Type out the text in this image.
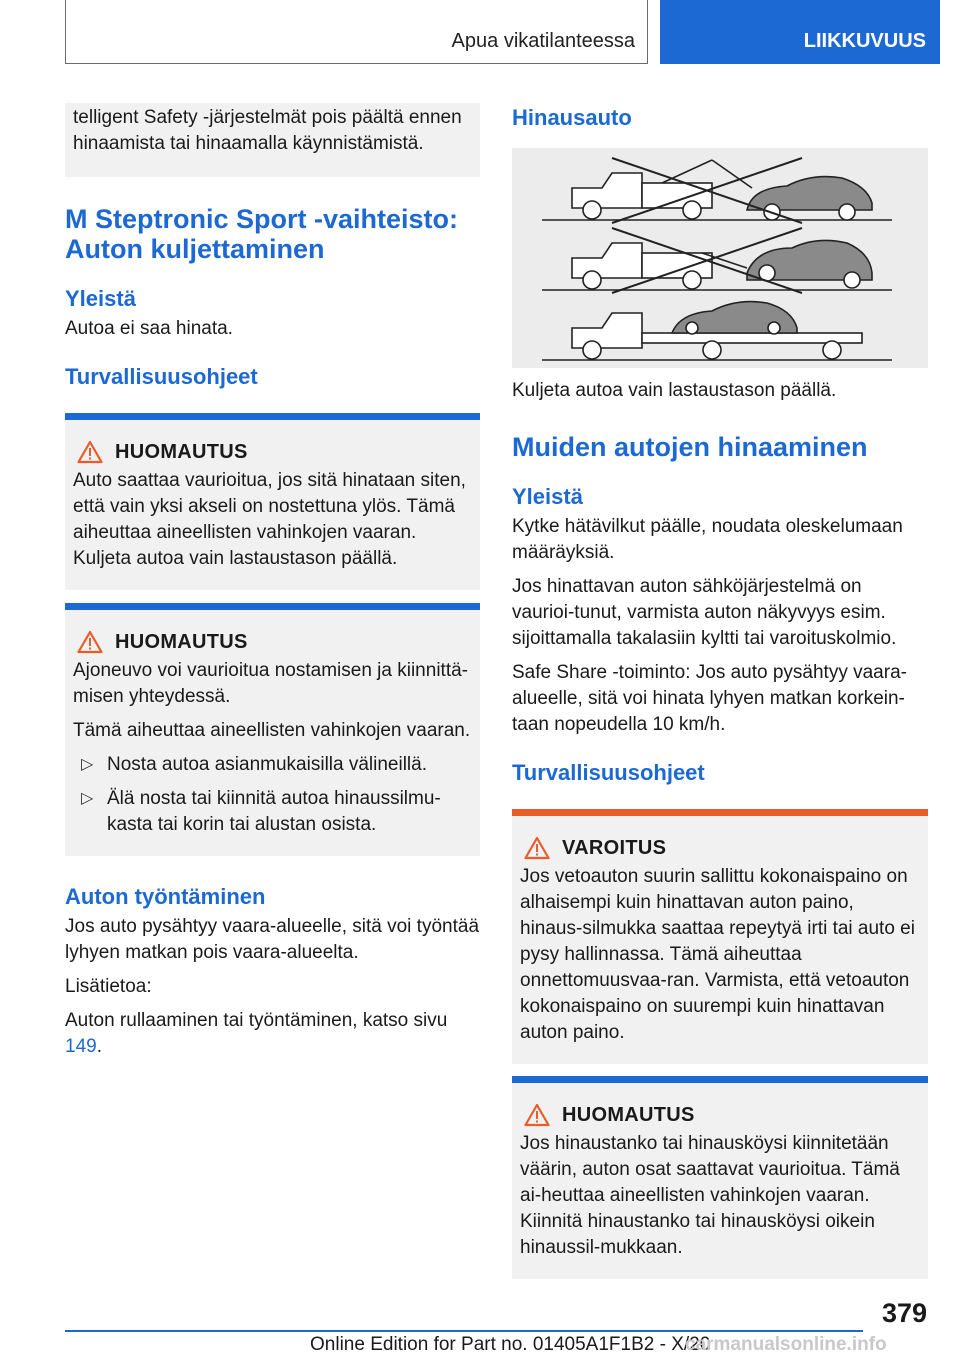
Apua vikatilanteessa	LIIKKUVUUS

telligent Safety -järjestelmät pois päältä ennen hinaamista tai hinaamalla käynnistämistä.

M Steptronic Sport -vaihteisto: Auton kuljettaminen
Yleistä

Autoa ei saa hinata.

Turvallisuusohjeet
HUOMAUTUS

Auto saattaa vaurioitua, jos sitä hinataan siten, että vain yksi akseli on nostettuna ylös. Tämä aiheuttaa aineellisten vahinkojen vaaran. Kuljeta autoa vain lastaustason päällä.

HUOMAUTUS

Ajoneuvo voi vaurioitua nostamisen ja kiinnittä-misen yhteydessä.

Tämä aiheuttaa aineellisten vahinkojen vaaran.

▷ Nosta autoa asianmukaisilla välineillä.
▷ Älä nosta tai kiinnitä autoa hinaussilmu-kasta tai korin tai alustan osista.
Auton työntäminen

Jos auto pysähtyy vaara-alueelle, sitä voi työntää lyhyen matkan pois vaara-alueelta.

Lisätietoa:

Auton rullaaminen tai työntäminen, katso sivu 149.

Hinausauto

Kuljeta autoa vain lastaustason päällä.

Muiden autojen hinaaminen
Yleistä

Kytke hätävilkut päälle, noudata oleskelumaan määräyksiä.

Jos hinattavan auton sähköjärjestelmä on vaurioi-tunut, varmista auton näkyvyys esim. sijoittamalla takalasiin kyltti tai varoituskolmio.

Safe Share -toiminto: Jos auto pysähtyy vaara-alueelle, sitä voi hinata lyhyen matkan korkein-taan nopeudella 10 km/h.

Turvallisuusohjeet
VAROITUS

Jos vetoauton suurin sallittu kokonaispaino on alhaisempi kuin hinattavan auton paino, hinaus-silmukka saattaa repeytyä irti tai auto ei pysy hallinnassa. Tämä aiheuttaa onnettomuusvaa-ran. Varmista, että vetoauton kokonaispaino on suurempi kuin hinattavan auton paino.

HUOMAUTUS

Jos hinaustanko tai hinausköysi kiinnitetään väärin, auton osat saattavat vaurioitua. Tämä ai-heuttaa aineellisten vahinkojen vaaran. Kiinnitä hinaustanko tai hinausköysi oikein hinaussil-mukkaan.

379
Online Edition for Part no. 01405A1F1B2 - X/20
carmanualsonline.info
